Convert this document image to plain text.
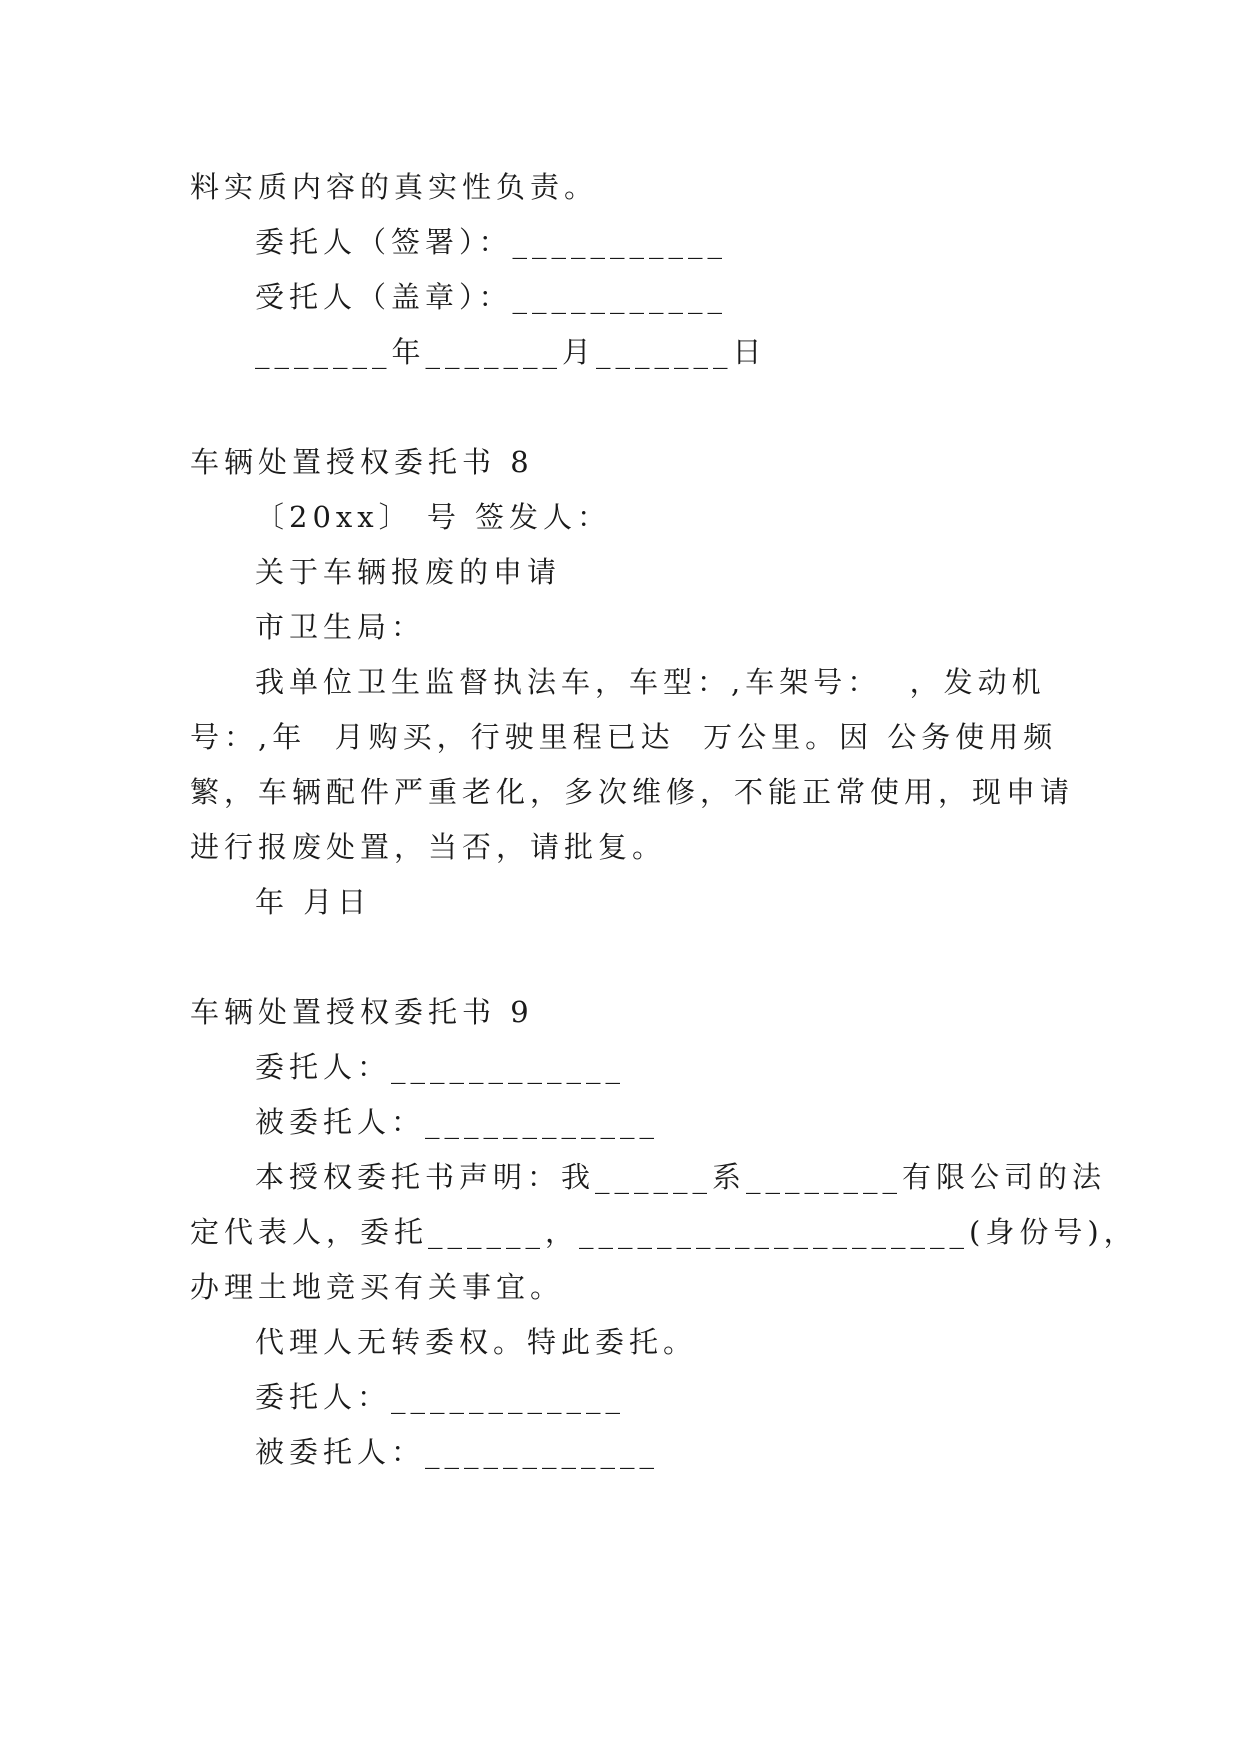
料实质内容的真实性负责。
委托人（签署）：___________
受托人（盖章）：___________
_______年_______月_______日
车辆处置授权委托书 8
〔20xx〕 号 签发人：
关于车辆报废的申请
市卫生局：
我单位卫生监督执法车，车型：,车架号：  ，发动机
号：,年  月购买，行驶里程已达  万公里。因 公务使用频
繁，车辆配件严重老化，多次维修，不能正常使用，现申请
进行报废处置，当否，请批复。
年 月日
车辆处置授权委托书 9
委托人：____________
被委托人：____________
本授权委托书声明：我______系________有限公司的法
定代表人，委托______，____________________(身份号)，
办理土地竞买有关事宜。
代理人无转委权。特此委托。
委托人：____________
被委托人：____________
